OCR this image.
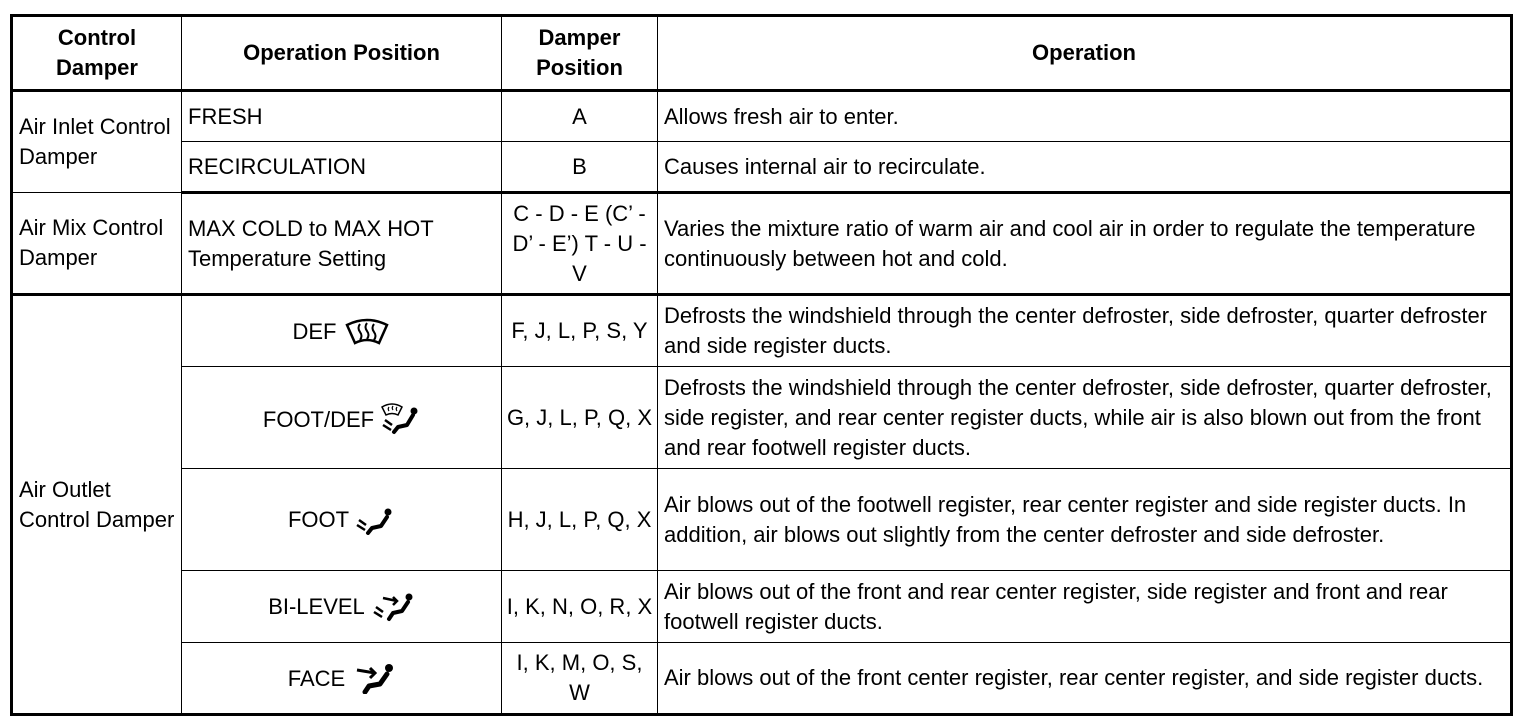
Control Damper	Operation Position	Damper Position	Operation
Air Inlet Control Damper	FRESH	A	Allows fresh air to enter.
	RECIRCULATION	B	Causes internal air to recirculate.
Air Mix Control Damper	MAX COLD to MAX HOT Temperature Setting	C - D - E (C’ - D’ - E’) T - U - V	Varies the mixture ratio of warm air and cool air in order to regulate the temperature continuously between hot and cold.
Air Outlet Control Damper	DEF	F, J, L, P, S, Y	Defrosts the windshield through the center defroster, side defroster, quarter defroster and side register ducts.
	FOOT/DEF	G, J, L, P, Q, X	Defrosts the windshield through the center defroster, side defroster, quarter defroster, side register, and rear center register ducts, while air is also blown out from the front and rear footwell register ducts.
	FOOT	H, J, L, P, Q, X	Air blows out of the footwell register, rear center register and side register ducts. In addition, air blows out slightly from the center defroster and side defroster.
	BI-LEVEL	I, K, N, O, R, X	Air blows out of the front and rear center register, side register and front and rear footwell register ducts.
	FACE	I, K, M, O, S, W	Air blows out of the front center register, rear center register, and side register ducts.
